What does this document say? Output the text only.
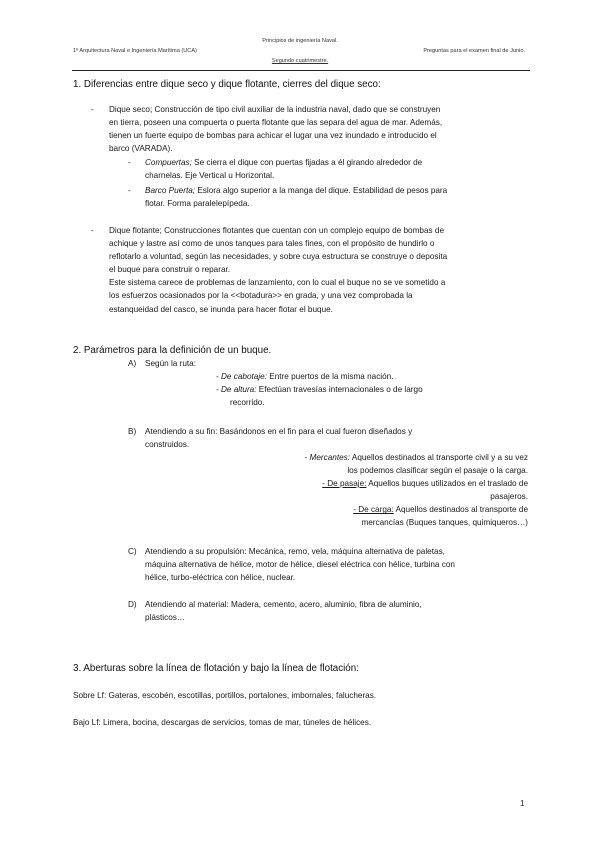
Principios de ingeniería Naval.
1º Arquitectura Naval e Ingeniería Marítima (UCA)	Preguntas para el examen final de Junio.
Segundo cuatrimestre.
1. Diferencias entre dique seco y dique flotante, cierres del dique seco:
- Dique seco; Construcción de tipo civil auxiliar de la industria naval, dado que se construyen
en tierra, poseen una compuerta o puerta flotante que las separa del agua de mar. Además,
tienen un fuerte equipo de bombas para achicar el lugar una vez inundado e introducido el
barco (VARADA).
- Compuertas; Se cierra el dique con puertas fijadas a él girando alrededor de
charnelas. Eje Vertical u Horizontal.
- Barco Puerta; Eslora algo superior a la manga del dique. Estabilidad de pesos para
flotar. Forma paralelepípeda.
- Dique flotante; Construcciones flotantes que cuentan con un complejo equipo de bombas de
achique y lastre así como de unos tanques para tales fines, con el propósito de hundirlo o
reflotarlo a voluntad, según las necesidades, y sobre cuya estructura se construye o deposita
el buque para construir o reparar.
Este sistema carece de problemas de lanzamiento, con lo cual el buque no se ve sometido a
los esfuerzos ocasionados por la <<botadura>> en grada, y una vez comprobada la
estanqueidad del casco, se inunda para hacer flotar el buque.
2. Parámetros para la definición de un buque.
A) Según la ruta:
- De cabotaje: Entre puertos de la misma nación.
- De altura: Efectúan travesías internacionales o de largo
recorrido.
B) Atendiendo a su fin: Basándonos en el fin para el cual fueron diseñados y
construidos.
- Mercantes: Aquellos destinados al transporte civil y a su vez
los podemos clasificar según el pasaje o la carga.
- De pasaje: Aquellos buques utilizados en el traslado de
pasajeros.
- De carga: Aquellos destinados al transporte de
mercancías (Buques tanques, quimiqueros…)
C) Atendiendo a su propulsión: Mecánica, remo, vela, máquina alternativa de paletas,
máquina alternativa de hélice, motor de hélice, diesel eléctrica con hélice, turbina con
hélice, turbo-eléctrica con hélice, nuclear.
D) Atendiendo al material: Madera, cemento, acero, aluminio, fibra de aluminio,
plásticos…
3. Aberturas sobre la línea de flotación y bajo la línea de flotación:
Sobre Lf: Gateras, escobén, escotillas, portillos, portalones, imbornales, falucheras.
Bajo Lf: Limera, bocina, descargas de servicios, tomas de mar, túneles de hélices.
1
